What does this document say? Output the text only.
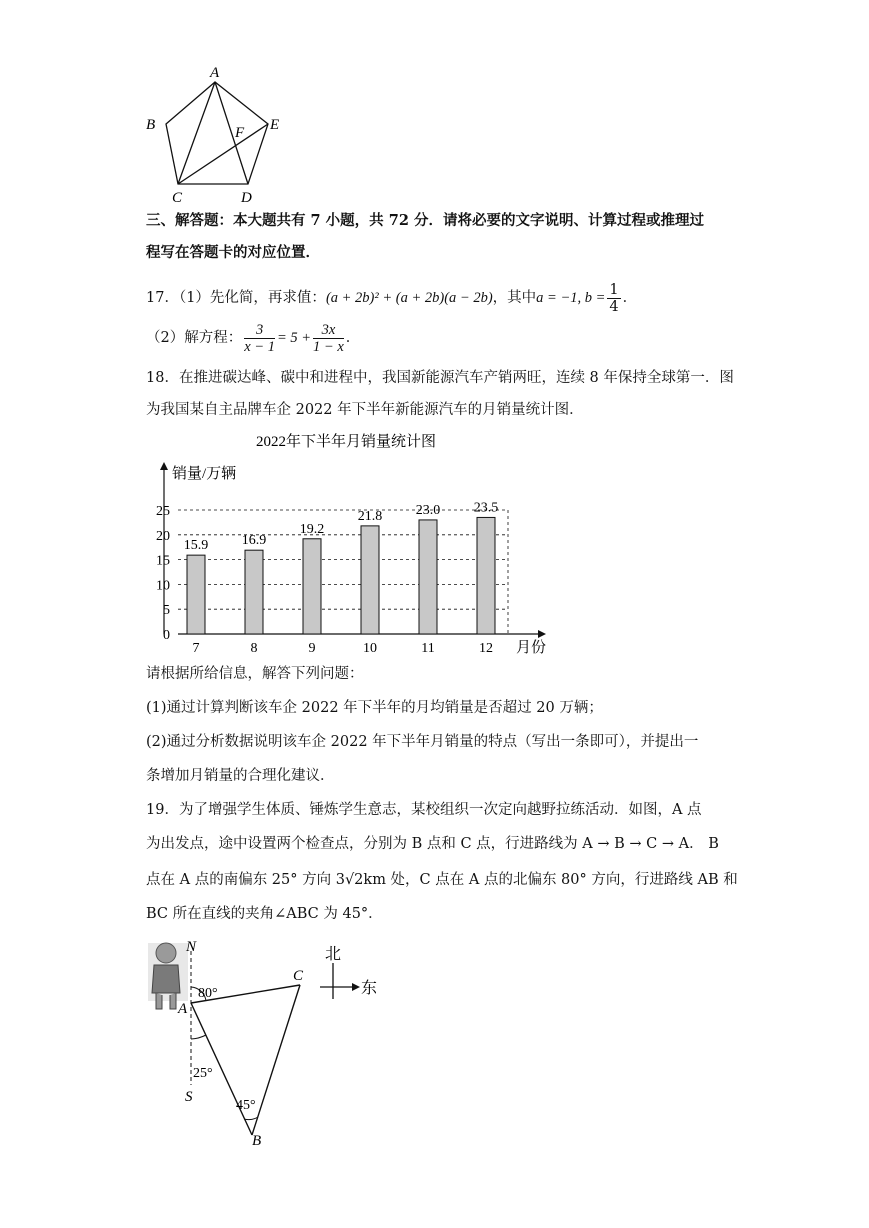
A
B
C	D
E
F
三、解答题：本大题共有 7 小题，共 72 分．请将必要的文字说明、计算过程或推理过
程写在答题卡的对应位置．
17．（1）先化简，再求值：(a + 2b)² + (a + 2b)(a − 2b)，其中a = −1, $b = \frac{1}{4}$ ．
（2）解方程： $\frac{3}{x - 1} = 5 + \frac{3x}{1 - x}$ ．
18．在推进碳达峰、碳中和进程中，我国新能源汽车产销两旺，连续 8 年保持全球第一．图
为我国某自主品牌车企 2022 年下半年新能源汽车的月销量统计图．
2022年下半年月销量统计图
0
5
10
15
20
25
销量/万辆
月份
15.9
7
16.9
8
19.2
9
21.8
10
23.0
11
23.5
12
请根据所给信息，解答下列问题：
(1)通过计算判断该车企 2022 年下半年的月均销量是否超过 20 万辆；
(2)通过分析数据说明该车企 2022 年下半年月销量的特点（写出一条即可），并提出一
条增加月销量的合理化建议．
19．为了增强学生体质、锤炼学生意志，某校组织一次定向越野拉练活动．如图，A 点
为出发点，途中设置两个检查点，分别为 B 点和 C 点，行进路线为 A → B → C → A． B
点在 A 点的南偏东 25° 方向 3√2km 处，C 点在 A 点的北偏东 80° 方向，行进路线 AB 和
BC 所在直线的夹角∠ABC 为 45°．
N
A
C
S
B
80°
25°
45°
北
东
